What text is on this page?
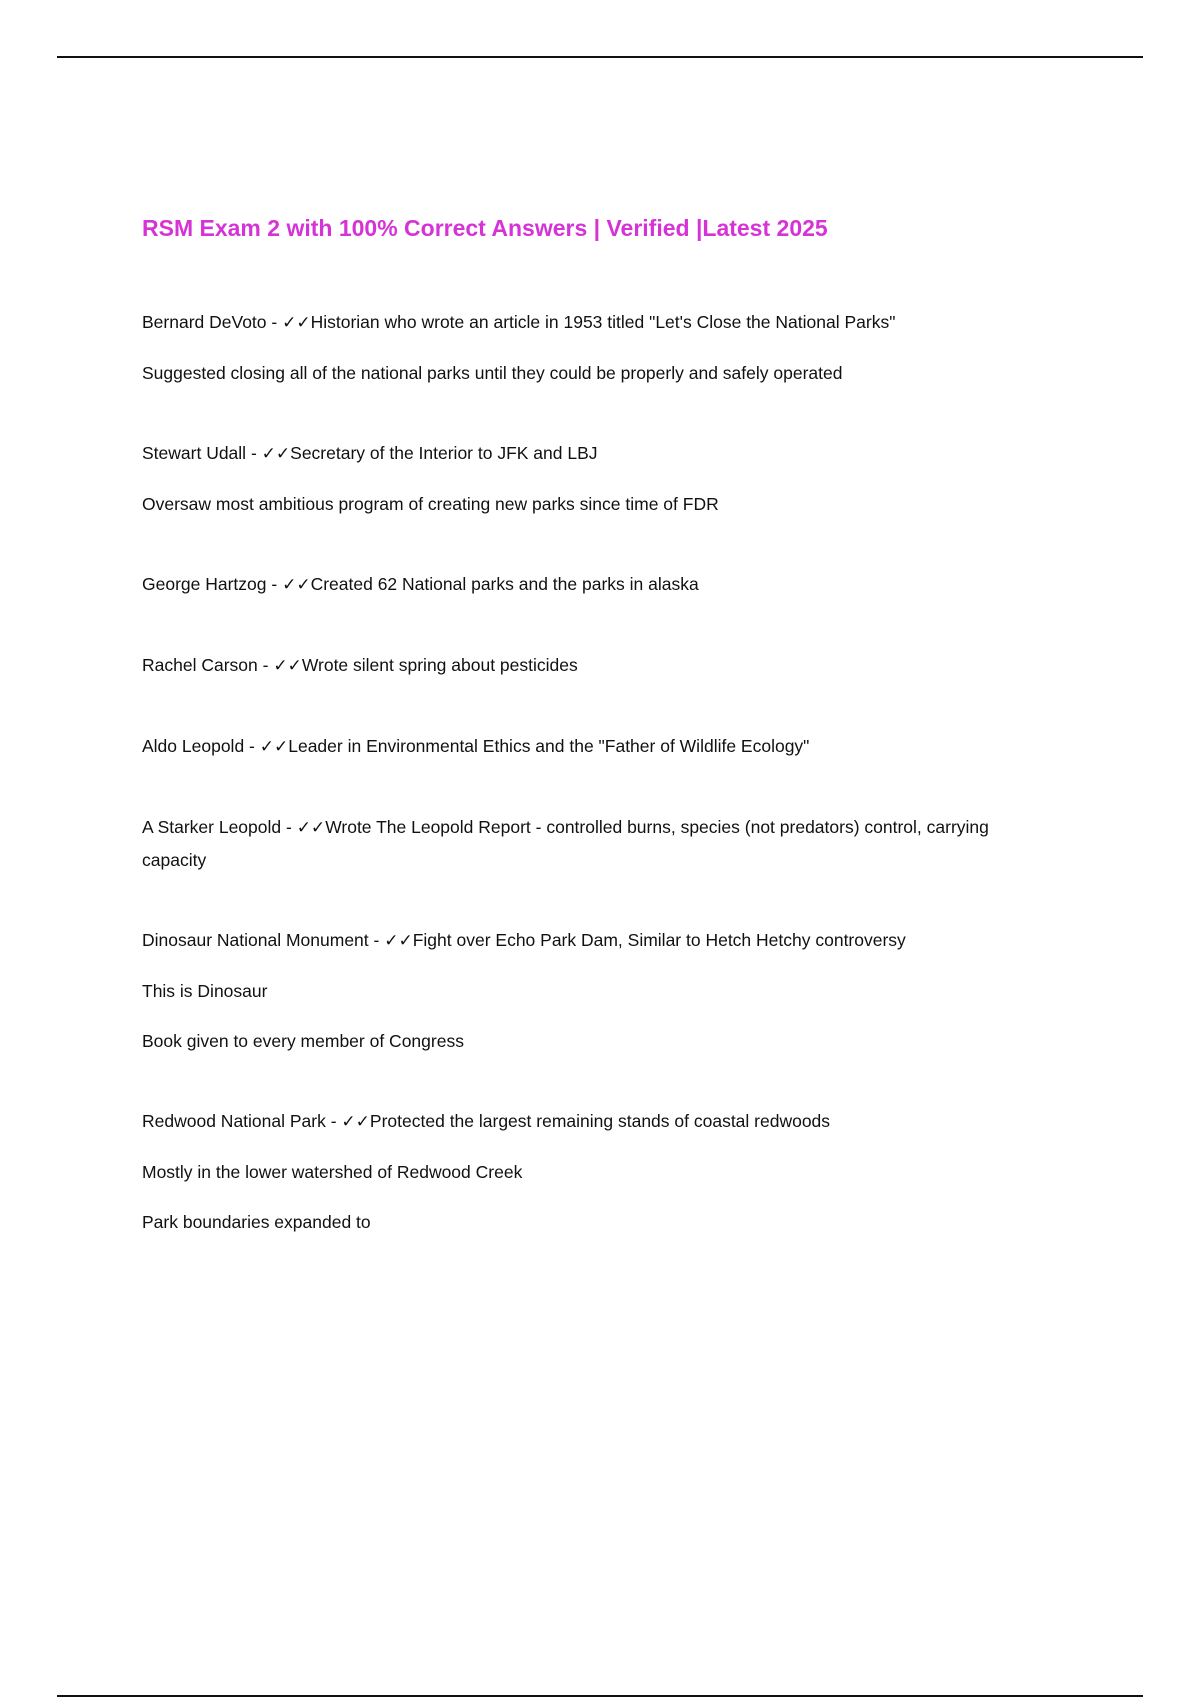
RSM Exam 2 with 100% Correct Answers | Verified |Latest 2025

Bernard DeVoto - ✓✓Historian who wrote an article in 1953 titled "Let's Close the National Parks"

Suggested closing all of the national parks until they could be properly and safely operated

Stewart Udall - ✓✓Secretary of the Interior to JFK and LBJ

Oversaw most ambitious program of creating new parks since time of FDR

George Hartzog - ✓✓Created 62 National parks and the parks in alaska

Rachel Carson - ✓✓Wrote silent spring about pesticides

Aldo Leopold - ✓✓Leader in Environmental Ethics and the "Father of Wildlife Ecology"

A Starker Leopold - ✓✓Wrote The Leopold Report - controlled burns, species (not predators) control, carrying capacity

Dinosaur National Monument - ✓✓Fight over Echo Park Dam, Similar to Hetch Hetchy controversy

This is Dinosaur

Book given to every member of Congress

Redwood National Park - ✓✓Protected the largest remaining stands of coastal redwoods

Mostly in the lower watershed of Redwood Creek

Park boundaries expanded to
